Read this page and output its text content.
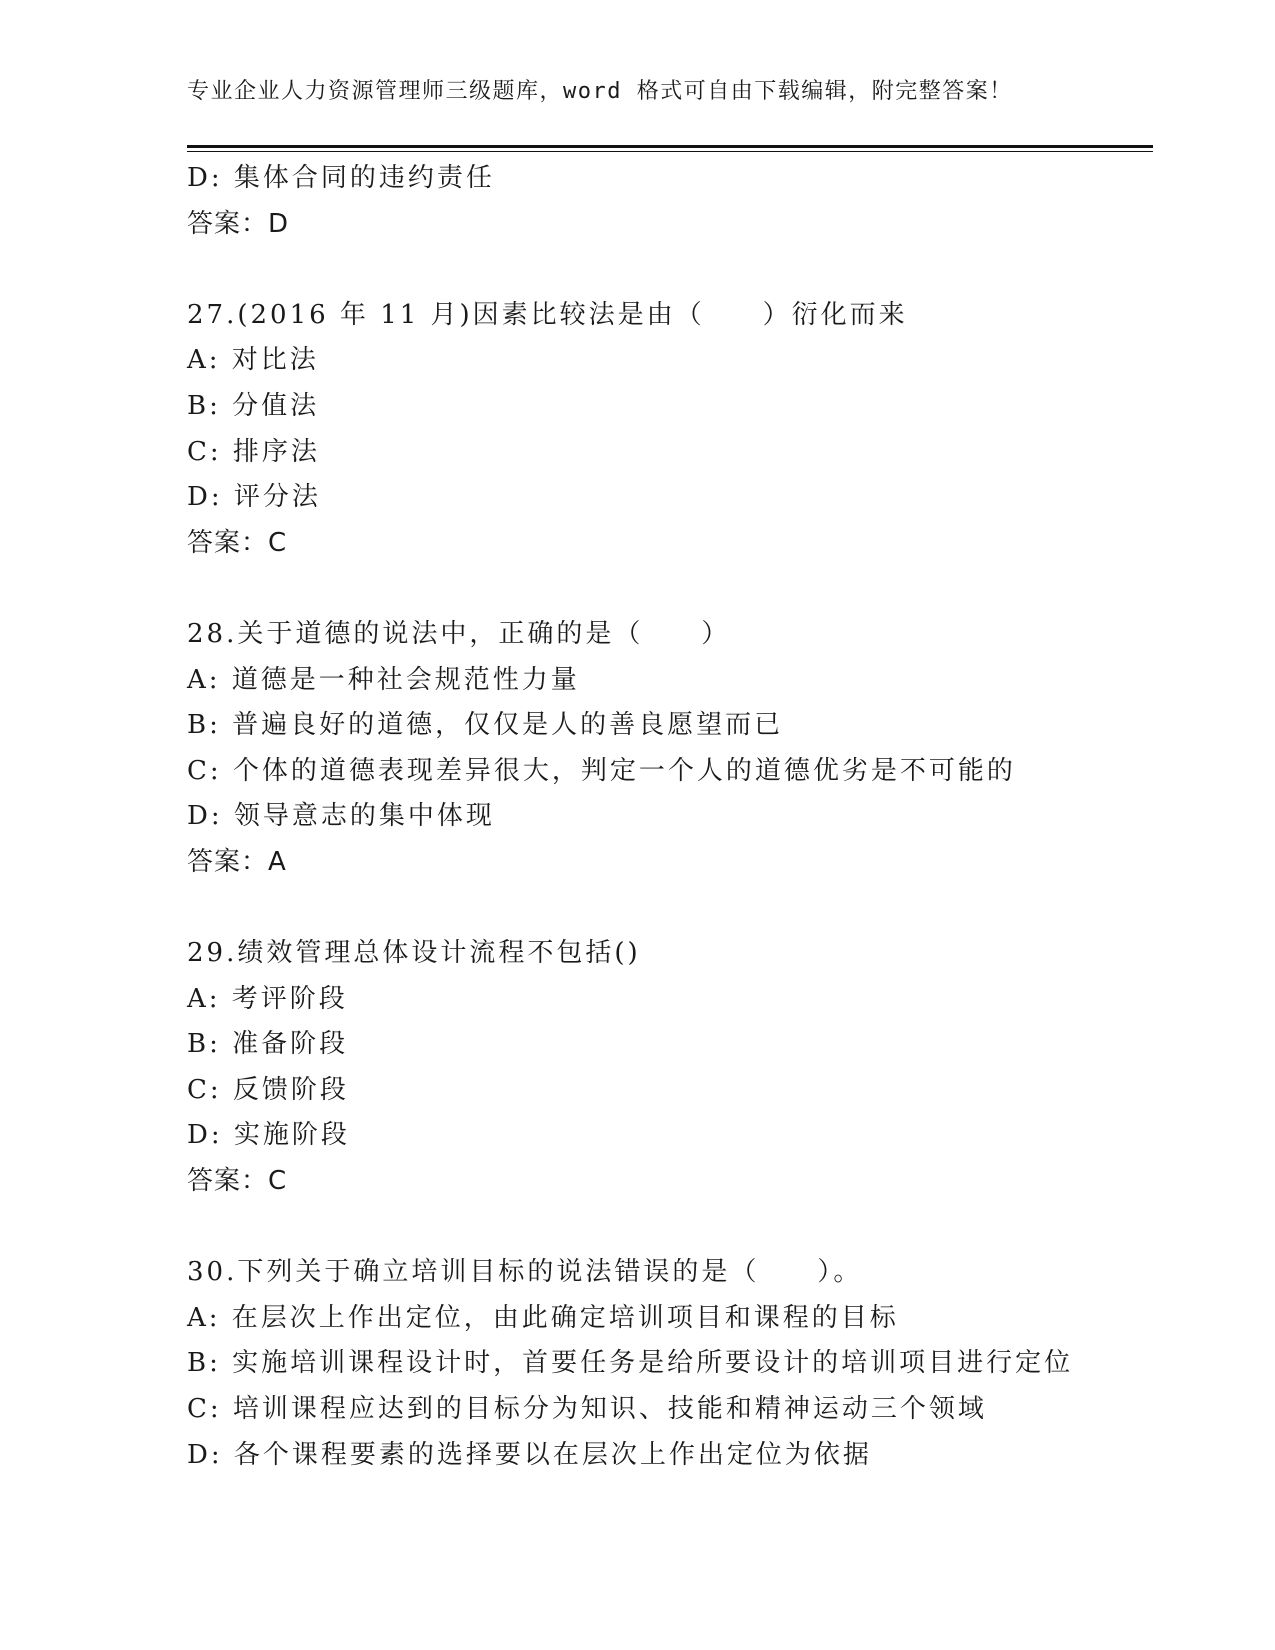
专业企业人力资源管理师三级题库，word 格式可自由下载编辑，附完整答案！
D: 集体合同的违约责任
答案：D
27.(2016 年 11 月)因素比较法是由（　　）衍化而来
A: 对比法
B: 分值法
C: 排序法
D: 评分法
答案：C
28.关于道德的说法中，正确的是（　　）
A: 道德是一种社会规范性力量
B: 普遍良好的道德，仅仅是人的善良愿望而已
C: 个体的道德表现差异很大，判定一个人的道德优劣是不可能的
D: 领导意志的集中体现
答案：A
29.绩效管理总体设计流程不包括()
A: 考评阶段
B: 准备阶段
C: 反馈阶段
D: 实施阶段
答案：C
30.下列关于确立培训目标的说法错误的是（　　）。
A: 在层次上作出定位，由此确定培训项目和课程的目标
B: 实施培训课程设计时，首要任务是给所要设计的培训项目进行定位
C: 培训课程应达到的目标分为知识、技能和精神运动三个领域
D: 各个课程要素的选择要以在层次上作出定位为依据
